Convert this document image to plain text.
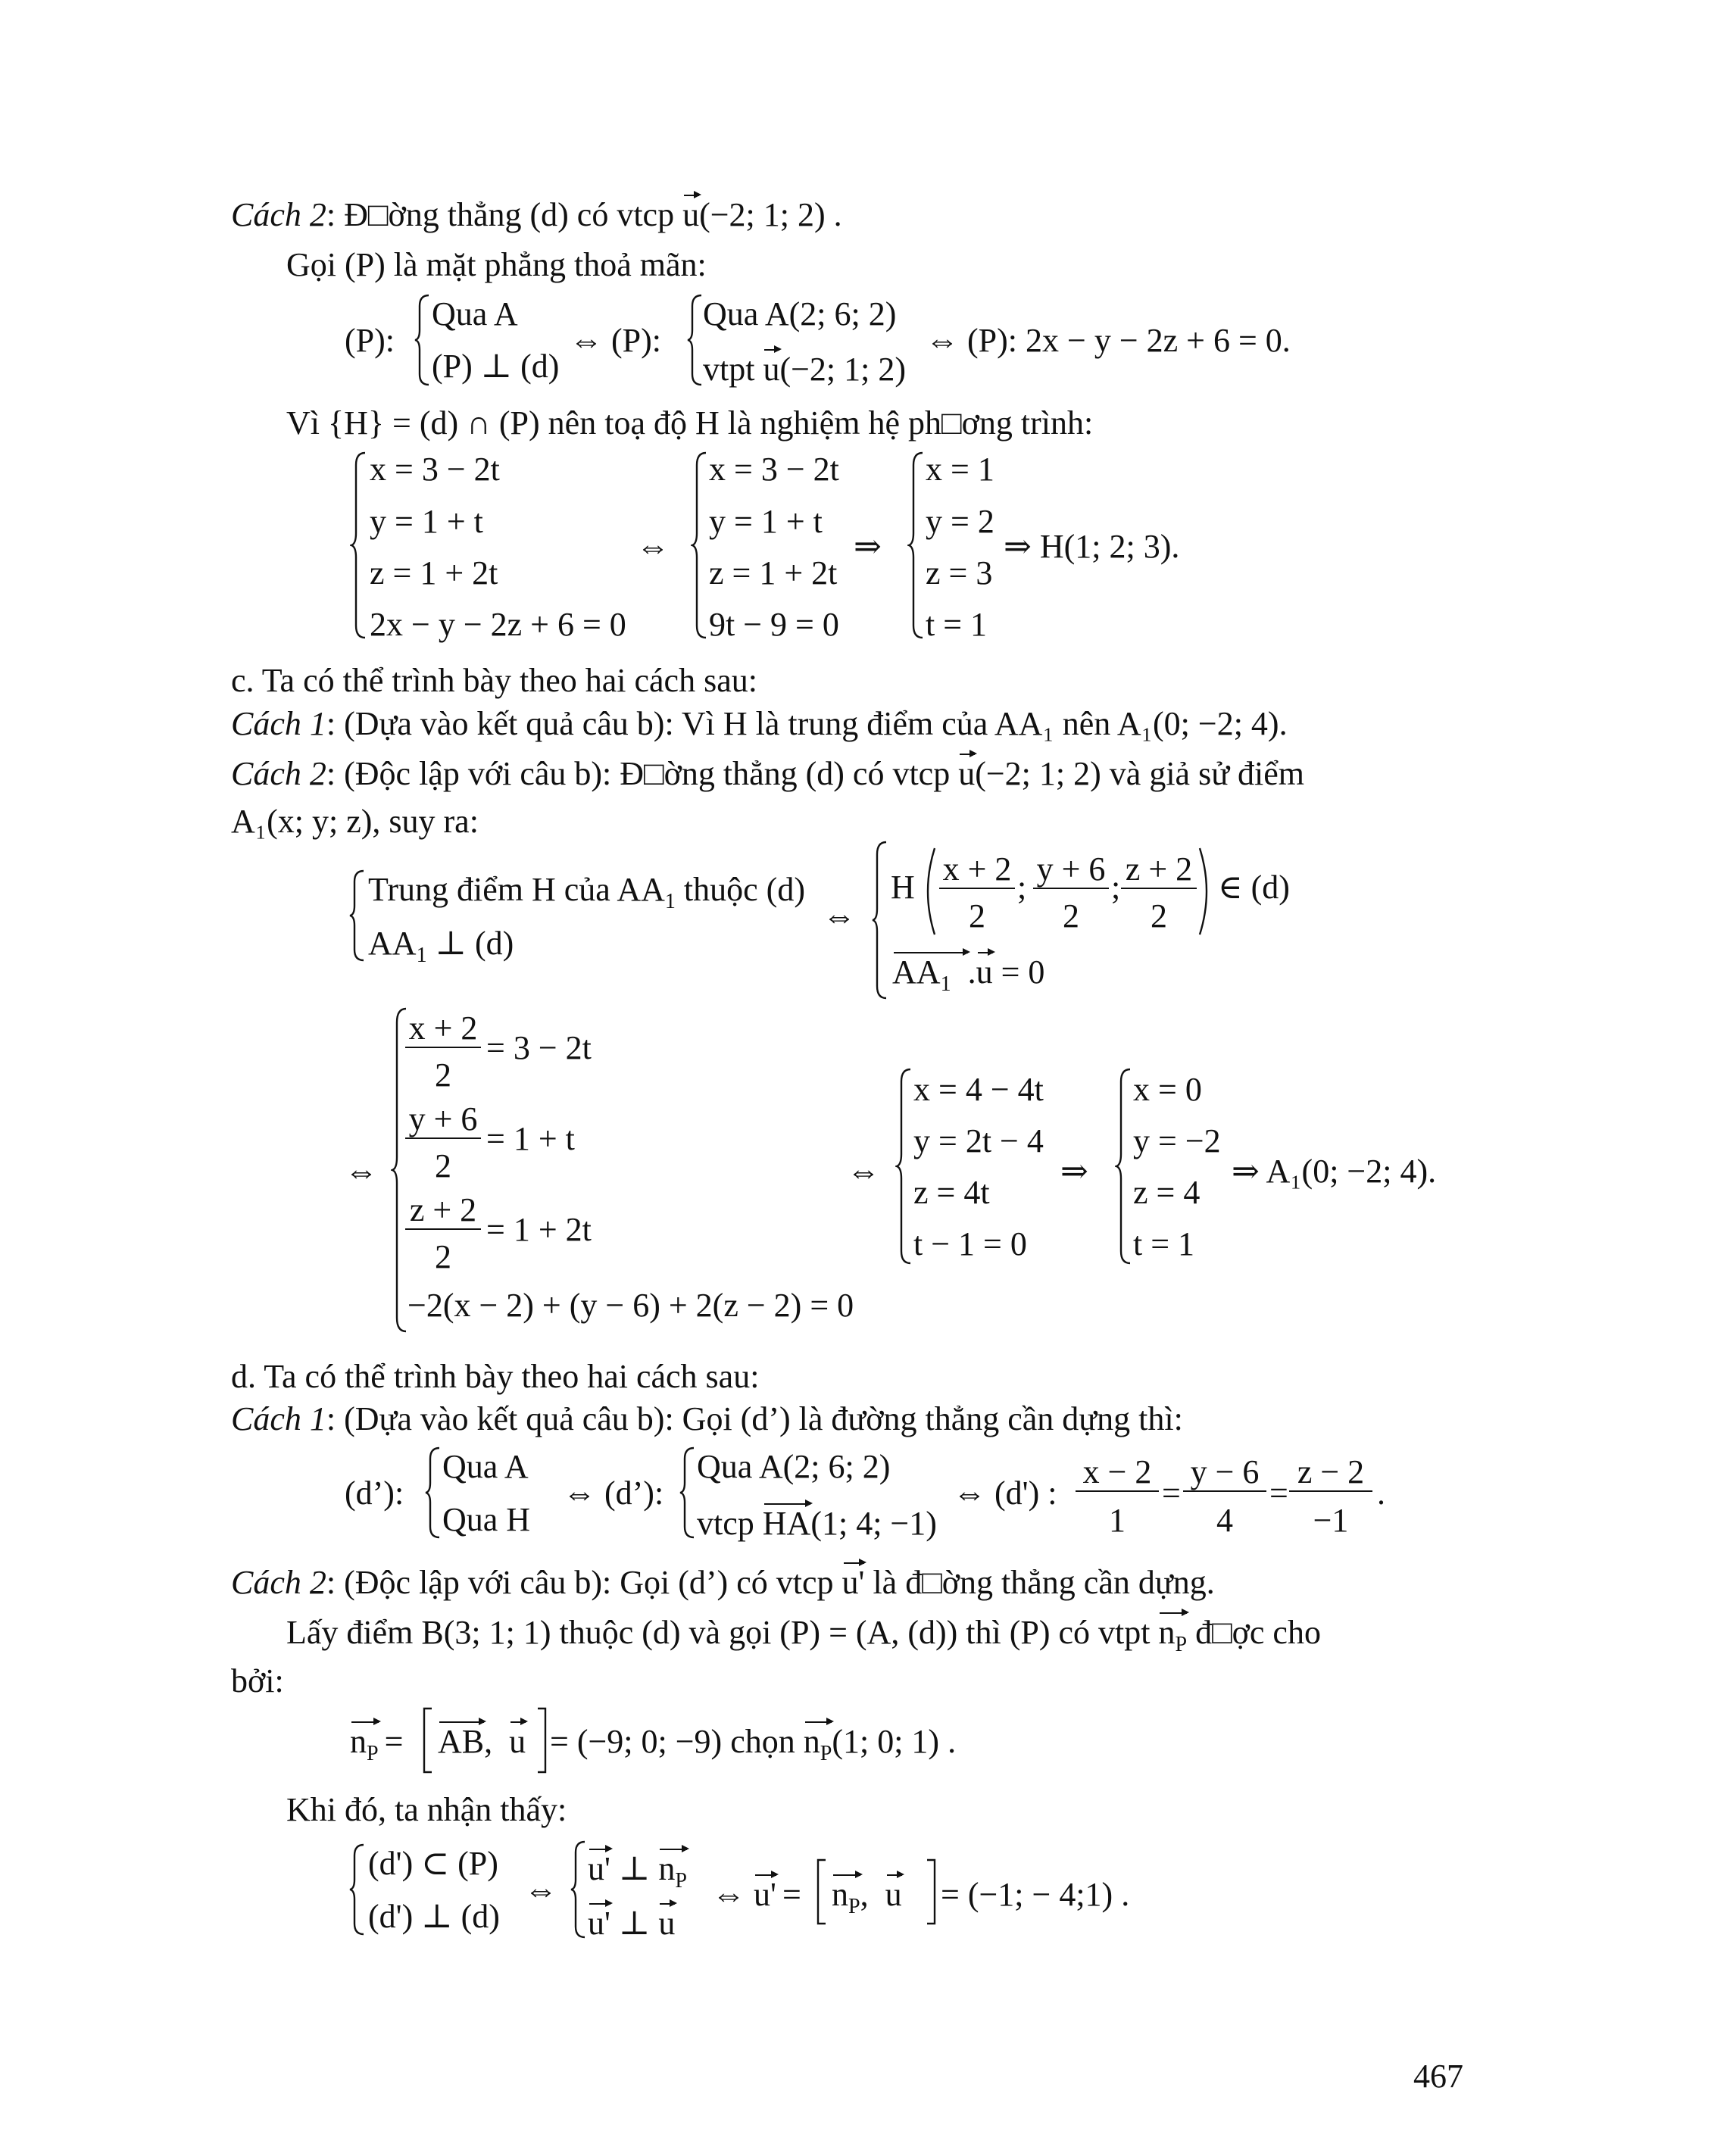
Cách 2: Đ□ờng thẳng (d) có vtcp u(−2; 1; 2) .
Gọi (P) là mặt phẳng thoả mãn:
(P):
Qua A
(P) ⊥ (d)
⇔ (P):
Qua A(2; 6; 2)
vtpt u(−2; 1; 2)
⇔ (P): 2x − y − 2z + 6 = 0.
Vì {H} = (d) ∩ (P) nên toạ độ H là nghiệm hệ ph□ơng trình:
x = 3 − 2t
y = 1 + t
z = 1 + 2t
2x − y − 2z + 6 = 0
⇔
x = 3 − 2t
y = 1 + t
z = 1 + 2t
9t − 9 = 0
⇒
x = 1
y = 2
z = 3
t = 1
⇒ H(1; 2; 3).
c. Ta có thể trình bày theo hai cách sau:
Cách 1: (Dựa vào kết quả câu b): Vì H là trung điểm của AA₁ nên A₁(0; −2; 4).
Cách 2: (Độc lập với câu b): Đ□ờng thẳng (d) có vtcp u(−2; 1; 2) và giả sử điểm
A₁(x; y; z), suy ra:
Trung điểm H của $AA_1$ thuộc (d)
$AA_1$ ⊥ (d)
⇔
H x + 2
2
; y + 6
2
; z + 2
2
∈ (d)
$AA_1$ .u = 0
⇔
x + 2
2
= 3 − 2t
y + 6
2
= 1 + t
z + 2
2
= 1 + 2t
−2(x − 2) + (y − 6) + 2(z − 2) = 0
⇔
x = 4 − 4t
y = 2t − 4
z = 4t
t − 1 = 0
⇒
x = 0
y = −2
z = 4
t = 1
⇒ A₁(0; −2; 4).
d. Ta có thể trình bày theo hai cách sau:
Cách 1: (Dựa vào kết quả câu b): Gọi (d’) là đường thẳng cần dựng thì:
(d’):
Qua A
Qua H
⇔ (d’):
Qua A(2; 6; 2)
vtcp HA(1; 4; −1)
⇔ (d') :
x − 2
1
=
y − 6
4
=
z − 2
−1
.
Cách 2: (Độc lập với câu b): Gọi (d’) có vtcp u' là đ□ờng thẳng cần dựng.
Lấy điểm B(3; 1; 1) thuộc (d) và gọi (P) = (A, (d)) thì (P) có vtpt $n_P$ đ□ợc cho
bởi:
$n_P$ = AB, u = (−9; 0; −9) chọn $n_P(1$; 0; 1) .
Khi đó, ta nhận thấy:
(d') ⊂ (P)
(d') ⊥ (d)
⇔
u' ⊥ $n_P$
u' ⊥ u
⇔ $u' = n_P$, u = (−1; − 4;1) .
467
